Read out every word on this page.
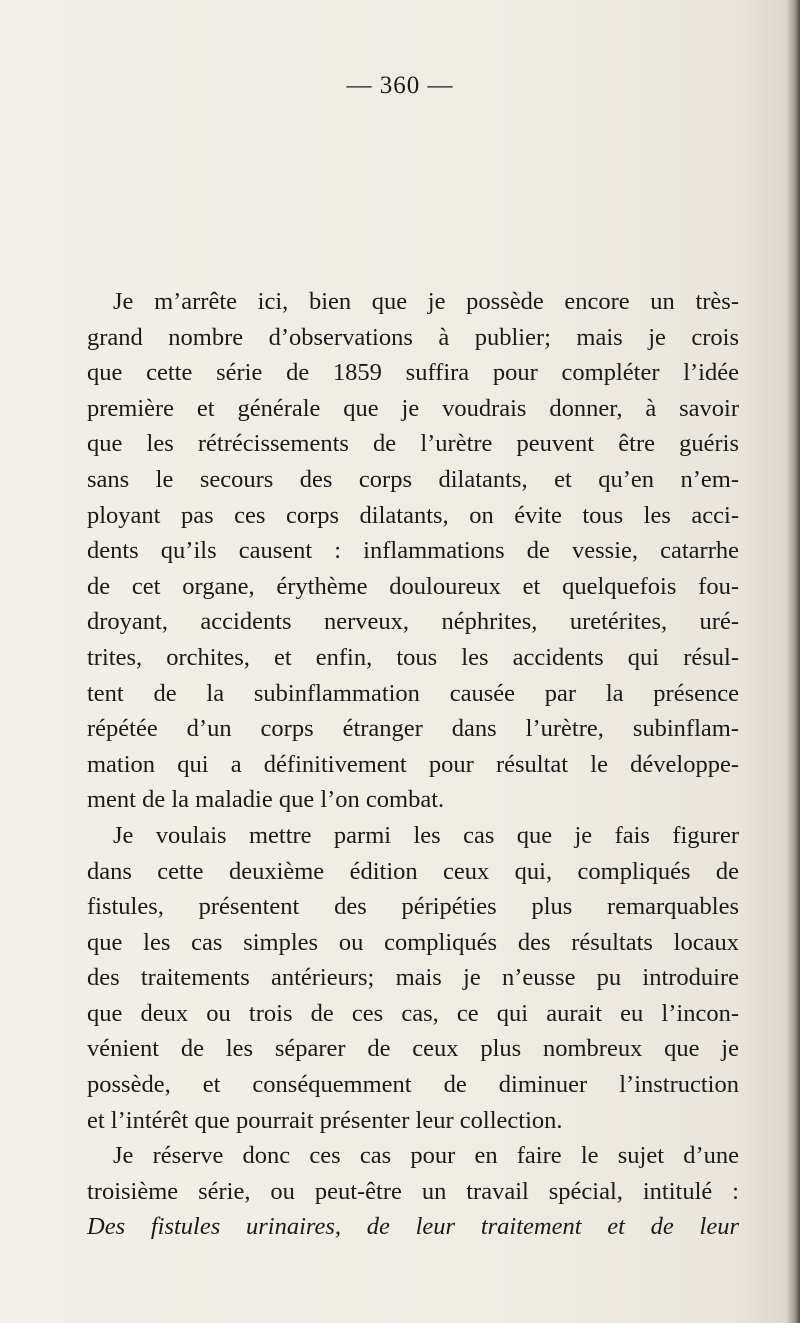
— 360 —
Je m’arrête ici, bien que je possède encore un très-
grand nombre d’observations à publier; mais je crois
que cette série de 1859 suffira pour compléter l’idée
première et générale que je voudrais donner, à savoir
que les rétrécissements de l’urètre peuvent être guéris
sans le secours des corps dilatants, et qu’en n’em-
ployant pas ces corps dilatants, on évite tous les acci-
dents qu’ils causent : inflammations de vessie, catarrhe
de cet organe, érythème douloureux et quelquefois fou-
droyant, accidents nerveux, néphrites, uretérites, uré-
trites, orchites, et enfin, tous les accidents qui résul-
tent de la subinflammation causée par la présence
répétée d’un corps étranger dans l’urètre, subinflam-
mation qui a définitivement pour résultat le développe-
ment de la maladie que l’on combat.
Je voulais mettre parmi les cas que je fais figurer
dans cette deuxième édition ceux qui, compliqués de
fistules, présentent des péripéties plus remarquables
que les cas simples ou compliqués des résultats locaux
des traitements antérieurs; mais je n’eusse pu introduire
que deux ou trois de ces cas, ce qui aurait eu l’incon-
vénient de les séparer de ceux plus nombreux que je
possède, et conséquemment de diminuer l’instruction
et l’intérêt que pourrait présenter leur collection.
Je réserve donc ces cas pour en faire le sujet d’une
troisième série, ou peut-être un travail spécial, intitulé :
Des fistules urinaires, de leur traitement et de leur
